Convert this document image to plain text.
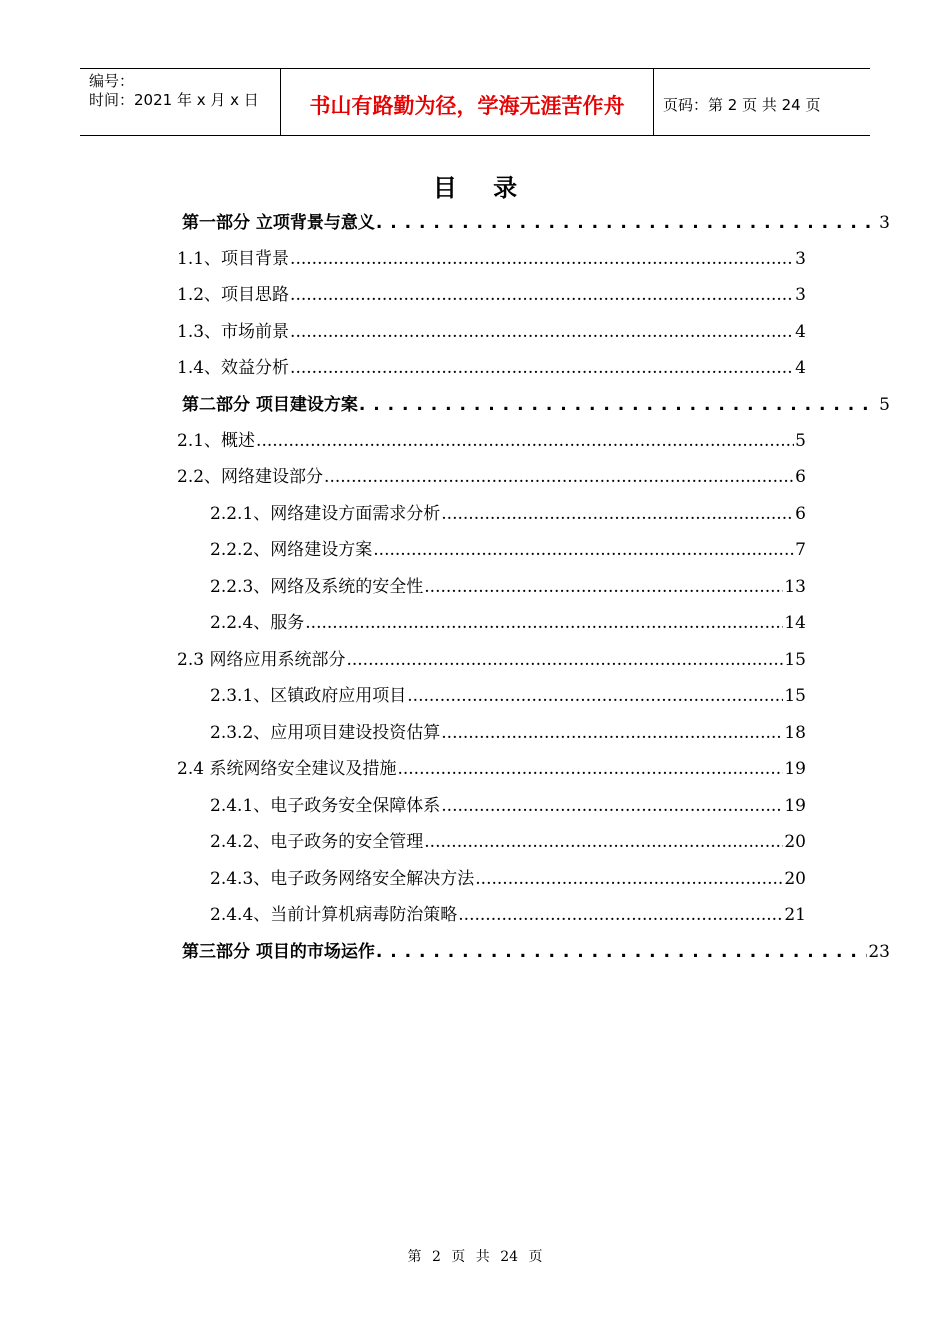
编号：
时间：2021 年 x 月 x 日	书山有路勤为径，学海无涯苦作舟	页码：第 2 页 共 24 页
目 录
第一部分 立项背景与意义 . . .	3
1.1、项目背景 .....	3
1.2、项目思路 .....	3
1.3、市场前景 .....	4
1.4、效益分析 .....	4
第二部分 项目建设方案 . . .	5
2.1、概述 .....	5
2.2、网络建设部分 .....	6
2.2.1、网络建设方面需求分析 .....	6
2.2.2、网络建设方案 .....	7
2.2.3、网络及系统的安全性 .....	13
2.2.4、服务 .....	14
2.3 网络应用系统部分 .....	15
2.3.1、区镇政府应用项目 .....	15
2.3.2、应用项目建设投资估算 .....	18
2.4 系统网络安全建议及措施 .....	19
2.4.1、电子政务安全保障体系 .....	19
2.4.2、电子政务的安全管理 .....	20
2.4.3、电子政务网络安全解决方法 .....	20
2.4.4、当前计算机病毒防治策略 .....	21
第三部分 项目的市场运作 . . .	23
第 2 页 共 24 页
